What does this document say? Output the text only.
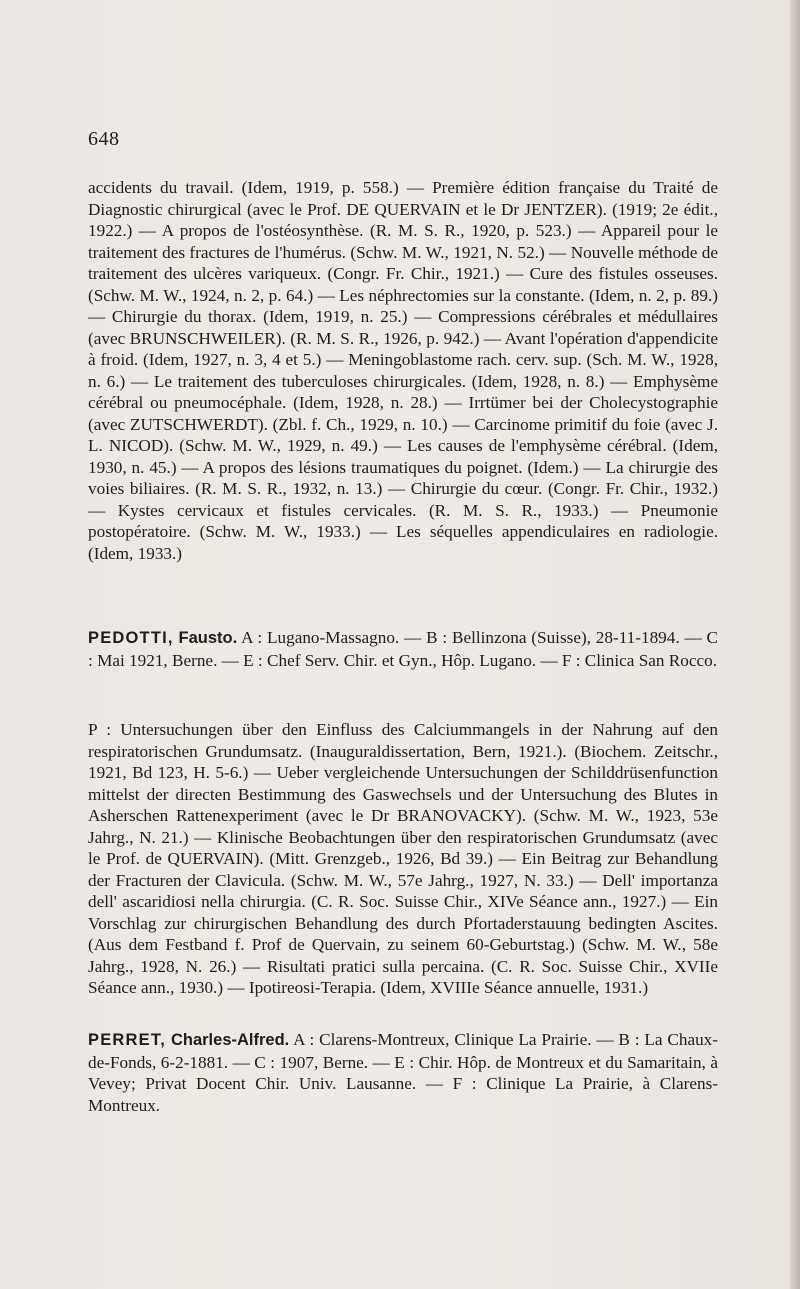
648

accidents du travail. (Idem, 1919, p. 558.) — Première édition française du Traité de Diagnostic chirurgical (avec le Prof. DE QUERVAIN et le Dr JENTZER). (1919; 2e édit., 1922.) — A propos de l'ostéosynthèse. (R. M. S. R., 1920, p. 523.) — Appareil pour le traitement des fractures de l'humérus. (Schw. M. W., 1921, N. 52.) — Nouvelle méthode de traitement des ulcères variqueux. (Congr. Fr. Chir., 1921.) — Cure des fistules osseuses. (Schw. M. W., 1924, n. 2, p. 64.) — Les néphrectomies sur la constante. (Idem, n. 2, p. 89.) — Chirurgie du thorax. (Idem, 1919, n. 25.) — Compressions cérébrales et médullaires (avec BRUNSCHWEILER). (R. M. S. R., 1926, p. 942.) — Avant l'opération d'appendicite à froid. (Idem, 1927, n. 3, 4 et 5.) — Meningoblastome rach. cerv. sup. (Sch. M. W., 1928, n. 6.) — Le traitement des tuberculoses chirurgicales. (Idem, 1928, n. 8.) — Emphysème cérébral ou pneumocéphale. (Idem, 1928, n. 28.) — Irrtümer bei der Cholecystographie (avec ZUTSCHWERDT). (Zbl. f. Ch., 1929, n. 10.) — Carcinome primitif du foie (avec J. L. NICOD). (Schw. M. W., 1929, n. 49.) — Les causes de l'emphysème cérébral. (Idem, 1930, n. 45.) — A propos des lésions traumatiques du poignet. (Idem.) — La chirurgie des voies biliaires. (R. M. S. R., 1932, n. 13.) — Chirurgie du cœur. (Congr. Fr. Chir., 1932.) — Kystes cervicaux et fistules cervicales. (R. M. S. R., 1933.) — Pneumonie postopératoire. (Schw. M. W., 1933.) — Les séquelles appendiculaires en radiologie. (Idem, 1933.)

PEDOTTI, Fausto. A : Lugano-Massagno. — B : Bellinzona (Suisse), 28-11-1894. — C : Mai 1921, Berne. — E : Chef Serv. Chir. et Gyn., Hôp. Lugano. — F : Clinica San Rocco.

P : Untersuchungen über den Einfluss des Calciummangels in der Nahrung auf den respiratorischen Grundumsatz. (Inauguraldissertation, Bern, 1921.). (Biochem. Zeitschr., 1921, Bd 123, H. 5-6.) — Ueber vergleichende Untersuchungen der Schilddrüsenfunction mittelst der directen Bestimmung des Gaswechsels und der Untersuchung des Blutes in Asherschen Rattenexperiment (avec le Dr BRANOVACKY). (Schw. M. W., 1923, 53e Jahrg., N. 21.) — Klinische Beobachtungen über den respiratorischen Grundumsatz (avec le Prof. de QUERVAIN). (Mitt. Grenzgeb., 1926, Bd 39.) — Ein Beitrag zur Behandlung der Fracturen der Clavicula. (Schw. M. W., 57e Jahrg., 1927, N. 33.) — Dell' importanza dell' ascaridiosi nella chirurgia. (C. R. Soc. Suisse Chir., XIVe Séance ann., 1927.) — Ein Vorschlag zur chirurgischen Behandlung des durch Pfortaderstauung bedingten Ascites. (Aus dem Festband f. Prof de Quervain, zu seinem 60-Geburtstag.) (Schw. M. W., 58e Jahrg., 1928, N. 26.) — Risultati pratici sulla percaina. (C. R. Soc. Suisse Chir., XVIIe Séance ann., 1930.) — Ipotireosi-Terapia. (Idem, XVIIIe Séance annuelle, 1931.)

PERRET, Charles-Alfred. A : Clarens-Montreux, Clinique La Prairie. — B : La Chaux-de-Fonds, 6-2-1881. — C : 1907, Berne. — E : Chir. Hôp. de Montreux et du Samaritain, à Vevey; Privat Docent Chir. Univ. Lausanne. — F : Clinique La Prairie, à Clarens-Montreux.
